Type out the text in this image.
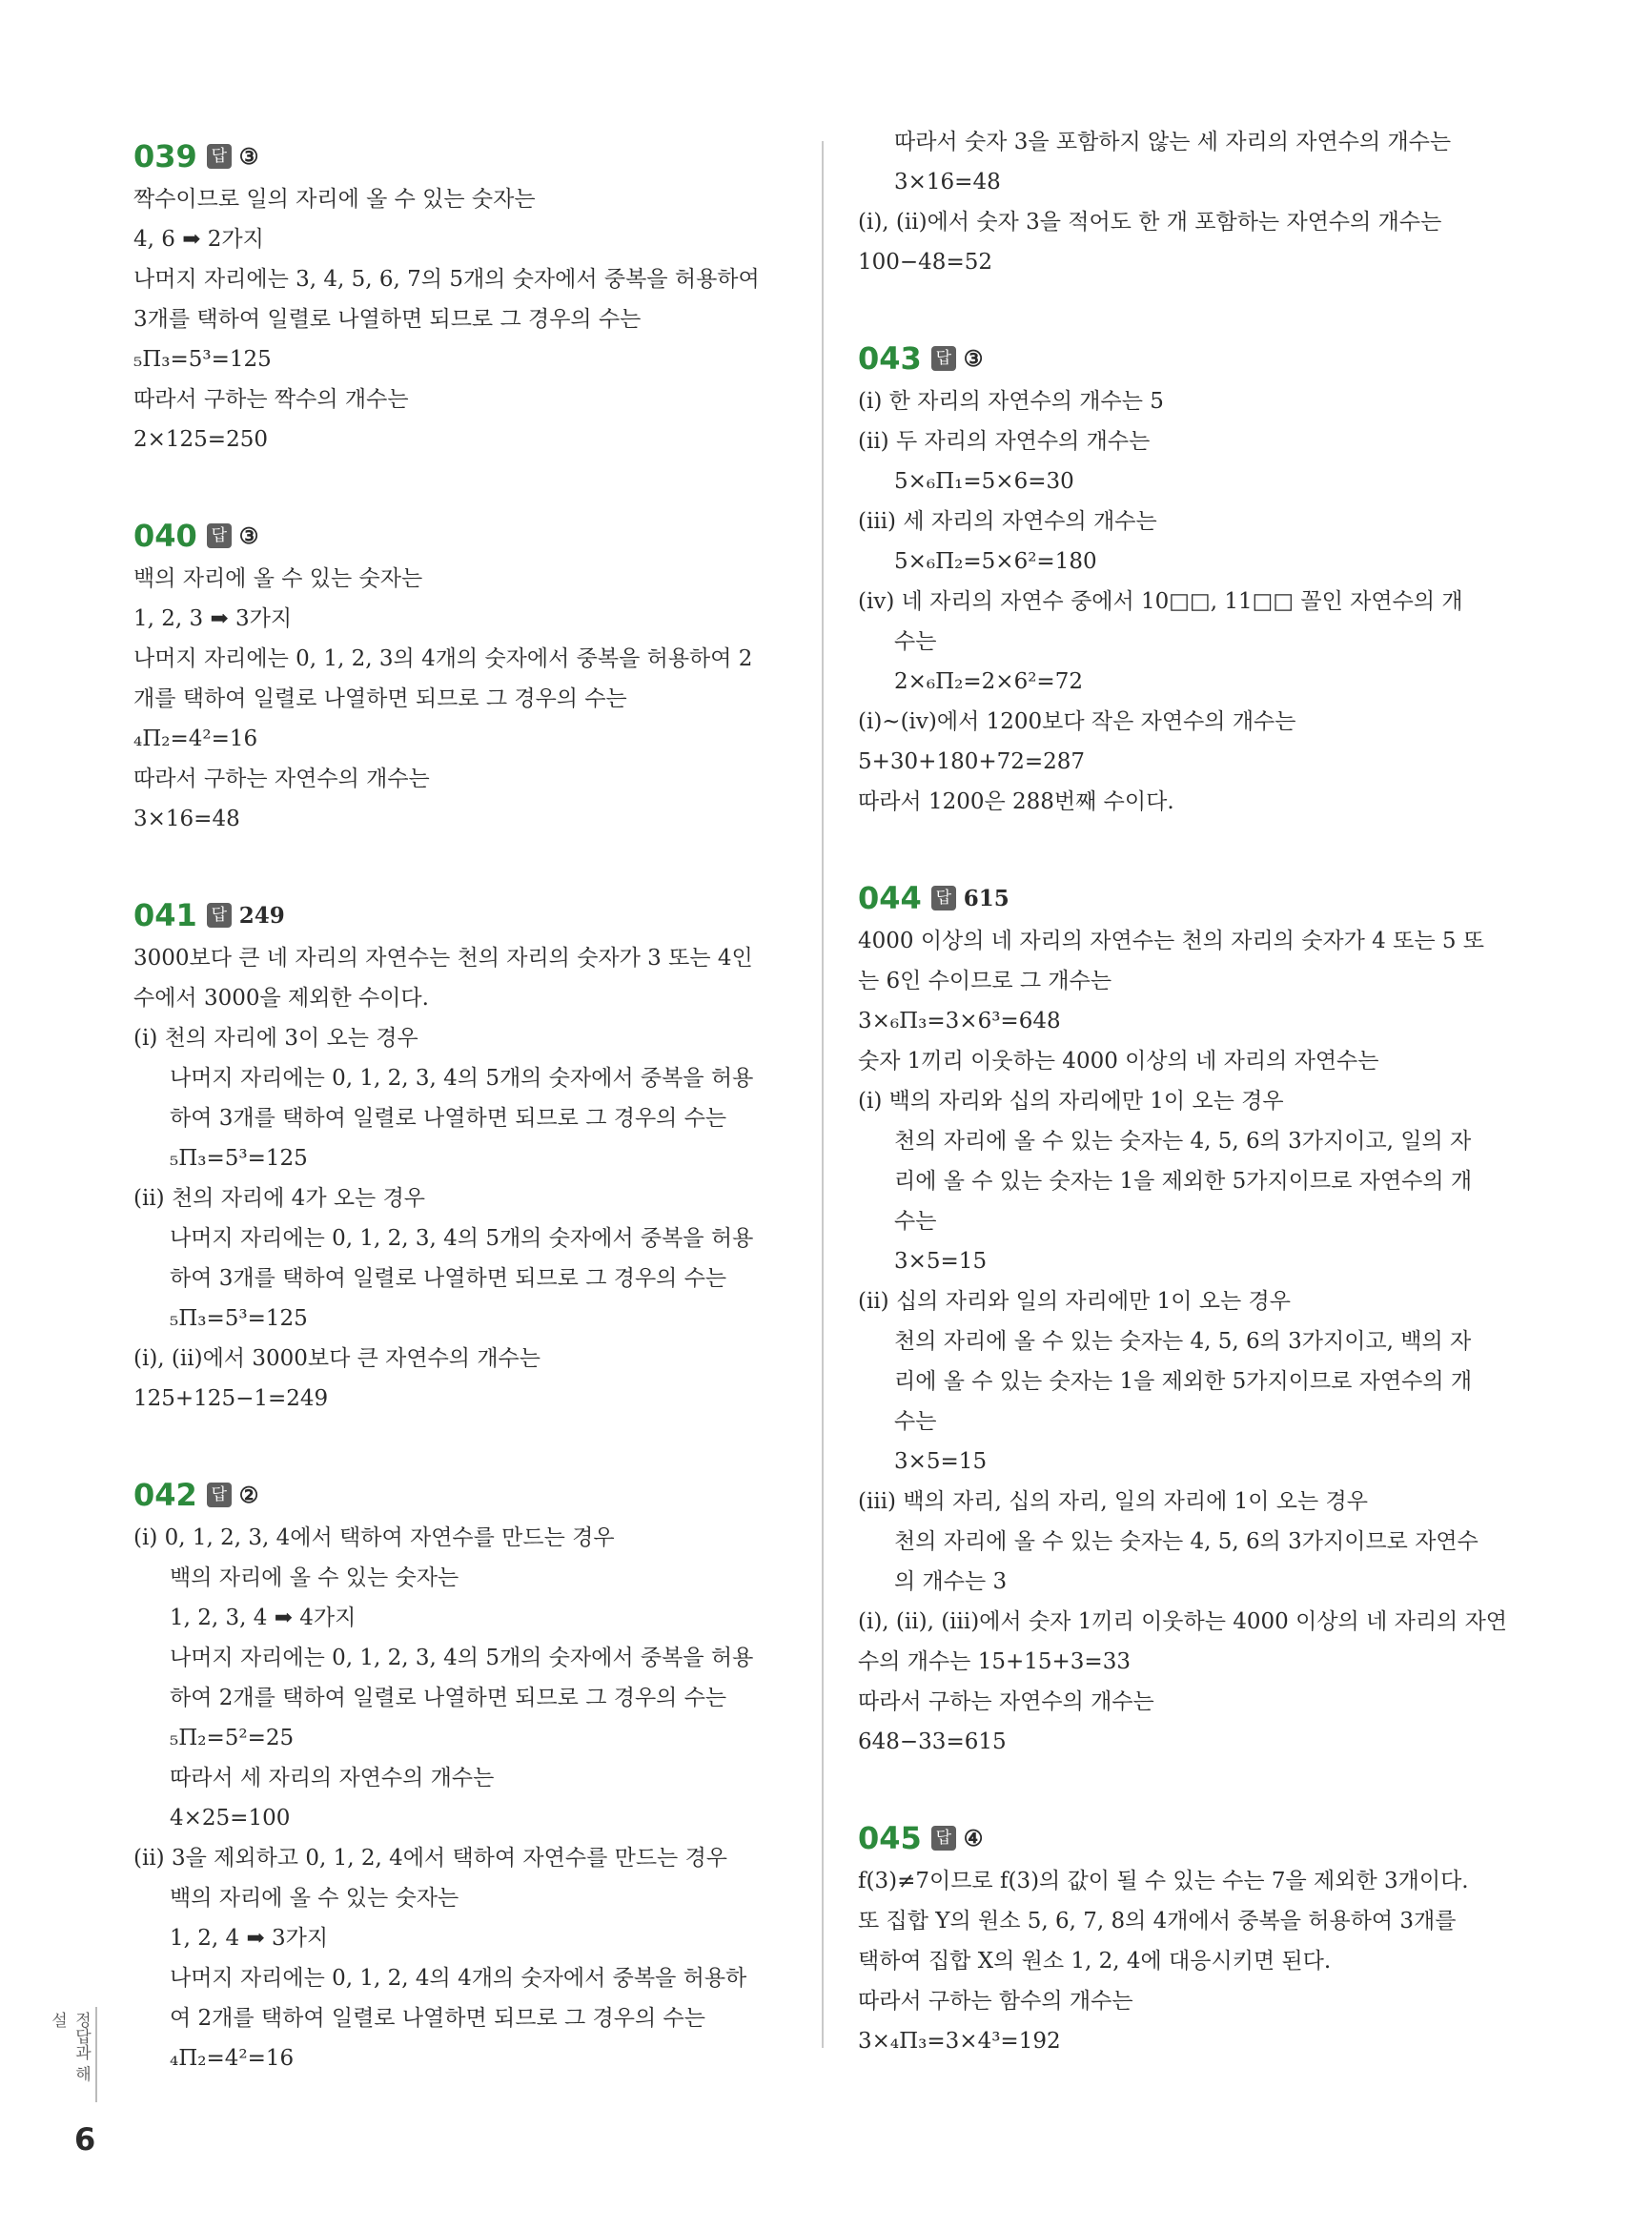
039 답 ③
짝수이므로 일의 자리에 올 수 있는 숫자는
4, 6 ➡ 2가지
나머지 자리에는 3, 4, 5, 6, 7의 5개의 숫자에서 중복을 허용하여
3개를 택하여 일렬로 나열하면 되므로 그 경우의 수는
₅Π₃=5³=125
따라서 구하는 짝수의 개수는
2×125=250
040 답 ③
백의 자리에 올 수 있는 숫자는
1, 2, 3 ➡ 3가지
나머지 자리에는 0, 1, 2, 3의 4개의 숫자에서 중복을 허용하여 2
개를 택하여 일렬로 나열하면 되므로 그 경우의 수는
₄Π₂=4²=16
따라서 구하는 자연수의 개수는
3×16=48
041 답 249
3000보다 큰 네 자리의 자연수는 천의 자리의 숫자가 3 또는 4인
수에서 3000을 제외한 수이다.
(ⅰ) 천의 자리에 3이 오는 경우
나머지 자리에는 0, 1, 2, 3, 4의 5개의 숫자에서 중복을 허용
하여 3개를 택하여 일렬로 나열하면 되므로 그 경우의 수는
₅Π₃=5³=125
(ⅱ) 천의 자리에 4가 오는 경우
나머지 자리에는 0, 1, 2, 3, 4의 5개의 숫자에서 중복을 허용
하여 3개를 택하여 일렬로 나열하면 되므로 그 경우의 수는
₅Π₃=5³=125
(ⅰ), (ⅱ)에서 3000보다 큰 자연수의 개수는
125+125−1=249
042 답 ②
(ⅰ) 0, 1, 2, 3, 4에서 택하여 자연수를 만드는 경우
백의 자리에 올 수 있는 숫자는
1, 2, 3, 4 ➡ 4가지
나머지 자리에는 0, 1, 2, 3, 4의 5개의 숫자에서 중복을 허용
하여 2개를 택하여 일렬로 나열하면 되므로 그 경우의 수는
₅Π₂=5²=25
따라서 세 자리의 자연수의 개수는
4×25=100
(ⅱ) 3을 제외하고 0, 1, 2, 4에서 택하여 자연수를 만드는 경우
백의 자리에 올 수 있는 숫자는
1, 2, 4 ➡ 3가지
나머지 자리에는 0, 1, 2, 4의 4개의 숫자에서 중복을 허용하
여 2개를 택하여 일렬로 나열하면 되므로 그 경우의 수는
₄Π₂=4²=16
따라서 숫자 3을 포함하지 않는 세 자리의 자연수의 개수는
3×16=48
(ⅰ), (ⅱ)에서 숫자 3을 적어도 한 개 포함하는 자연수의 개수는
100−48=52
043 답 ③
(ⅰ) 한 자리의 자연수의 개수는 5
(ⅱ) 두 자리의 자연수의 개수는
5×₆Π₁=5×6=30
(ⅲ) 세 자리의 자연수의 개수는
5×₆Π₂=5×6²=180
(ⅳ) 네 자리의 자연수 중에서 10□□, 11□□ 꼴인 자연수의 개
수는
2×₆Π₂=2×6²=72
(ⅰ)~(ⅳ)에서 1200보다 작은 자연수의 개수는
5+30+180+72=287
따라서 1200은 288번째 수이다.
044 답 615
4000 이상의 네 자리의 자연수는 천의 자리의 숫자가 4 또는 5 또
는 6인 수이므로 그 개수는
3×₆Π₃=3×6³=648
숫자 1끼리 이웃하는 4000 이상의 네 자리의 자연수는
(ⅰ) 백의 자리와 십의 자리에만 1이 오는 경우
천의 자리에 올 수 있는 숫자는 4, 5, 6의 3가지이고, 일의 자
리에 올 수 있는 숫자는 1을 제외한 5가지이므로 자연수의 개
수는
3×5=15
(ⅱ) 십의 자리와 일의 자리에만 1이 오는 경우
천의 자리에 올 수 있는 숫자는 4, 5, 6의 3가지이고, 백의 자
리에 올 수 있는 숫자는 1을 제외한 5가지이므로 자연수의 개
수는
3×5=15
(ⅲ) 백의 자리, 십의 자리, 일의 자리에 1이 오는 경우
천의 자리에 올 수 있는 숫자는 4, 5, 6의 3가지이므로 자연수
의 개수는 3
(ⅰ), (ⅱ), (ⅲ)에서 숫자 1끼리 이웃하는 4000 이상의 네 자리의 자연
수의 개수는 15+15+3=33
따라서 구하는 자연수의 개수는
648−33=615
045 답 ④
f(3)≠7이므로 f(3)의 값이 될 수 있는 수는 7을 제외한 3개이다.
또 집합 Y의 원소 5, 6, 7, 8의 4개에서 중복을 허용하여 3개를
택하여 집합 X의 원소 1, 2, 4에 대응시키면 된다.
따라서 구하는 함수의 개수는
3×₄Π₃=3×4³=192
정답과 해설
6
